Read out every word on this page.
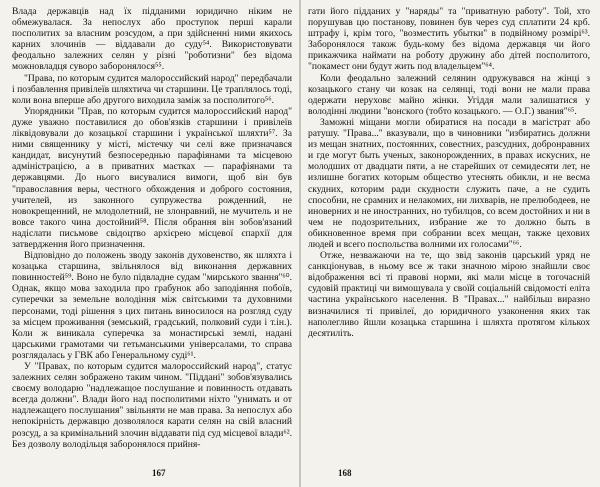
Влада державців над їх підданими юридично ніким не обмежувалася. За непослух або проступок перші карали посполитих за власним розсудом, а при здійсненні ними якихось карних злочинів — віддавали до суду⁵⁴. Використовувати феодально залежних селян у різні "роботизни" без відома можновладця суворо заборонялося⁵⁵.

"Права, по которым судится малороссийский народ" передбачали і позбавлення привілеїв шляхтича чи старшини. Це траплялось тоді, коли вона вперше або другого виходила заміж за посполитого⁵⁶.

Упорядники "Прав, по которым судится малороссийский народ" дуже уважно поставилися до обов'язків старшини і привілеїв ліквідовували до козацької старшини і української шляхти⁵⁷. За ними священнику у місті, містечку чи селі вже призначався кандидат, висунутий безпосереднью парафіянами та місцевою адміністрацією, а в приватних маєтках — парафіянами та державцями. До нього висувалися вимоги, щоб він був "православния веры, честного обхождения и доброго состояния, учителей, из законного супружества рожденний, не новокрещенний, не млодолетний, не злонравний, не мучитель и не вовсе такого чина достойний⁵⁸. Після обрання він зобов'язаний надіслати письмове свідоцтво архієрею місцевої єпархії для затвердження його призначення.

Відповідно до положень зводу законів духовенство, як шляхта і козацька старшина, звільнялося від виконання державних повинностей⁵⁹. Воно не було підвладне судам "мирського звання"⁶⁰. Однак, якщо мова заходила про грабунок або заподіяння побоїв, суперечки за земельне володіння між світськими та духовними персонами, тоді рішення з цих питань виносилося на розгляд суду за місцем проживання (земський, градський, полковий суди і т.ін.). Коли ж виникала суперечка за монастирські землі, надані царськими грамотами чи гетьманськими універсалами, то справа розглядалась у ГВК або Генеральному суді⁶¹.

У "Правах, по которым судится малороссийский народ", статус залежних селян зображено таким чином. "Піддані" зобов'язувались своєму володарю "надлежащое послушание и повинность отдавать всегда должни". Влади його над посполитими ніхто "унимать и от надлежащего послушания" звільняти не мав права. За непослух або непокірність державцю дозволялося карати селян на свій власний розсуд, а за кримінальний злочин віддавати під суд місцевої влади⁶². Без дозволу володільця заборонялося прийня-

167

гати його підданих у "наряды" та "приватную работу". Той, хто порушував цю постанову, повинен був через суд сплатити 24 крб. штрафу і, крім того, "возместить убытки" в подвійному розмірі⁶³. Заборонялося також будь-кому без відома державця чи його прикажчика наймати на роботу дружину або дітей посполитого, "покамест они будут жить под владельцем"⁶⁴.

Коли феодально залежний селянин одружувався на жінці з козацького стану чи козак на селянці, тоді вони не мали права одержати неруховє майно жінки. Угіддя мали залишатися у володінні людини "вонского (тобто козацького. — О.Г.) звания"⁶⁵.

Заможні міщани могли обиратися на посади в магістрат або ратушу. "Права..." вказували, що в чиновники "избиратись должни из мещан знатних, постоянних, совестних, разсудних, добронравних и где могут быть ученых, законорожденних, в правах искусних, не молодших от двадцати пяти, а не старейших от семидесяти лет, не излишне богатих которым общество утеснять обикли, и не весма скудних, которим ради скудности служить паче, а не судить способни, не срамних и нелакомих, ни лихварів, не прелюбодеев, не иноверних и не иностранних, но тубилцов, со всем достойних и ни в чем не подозрительних, избрание же то должно быть в обикновенное время при собрании всех мещан, также цехових людей и всего поспольства волними их голосами"⁶⁶.

Отже, незважаючи на те, що звід законів царський уряд не санкціонував, в ньому все ж таки значною мірою знайшли своє відображення всі ті правові норми, які мали місце в тогочасній судовій практиці чи вимошувала у своїй соціальній свідомості еліта частина українського населення. В "Правах..." найбільш виразно визначилися ті привілеї, до юридичного узаконення яких так наполегливо йшли козацька старшина і шляхта протягом кількох десятиліть.

168
